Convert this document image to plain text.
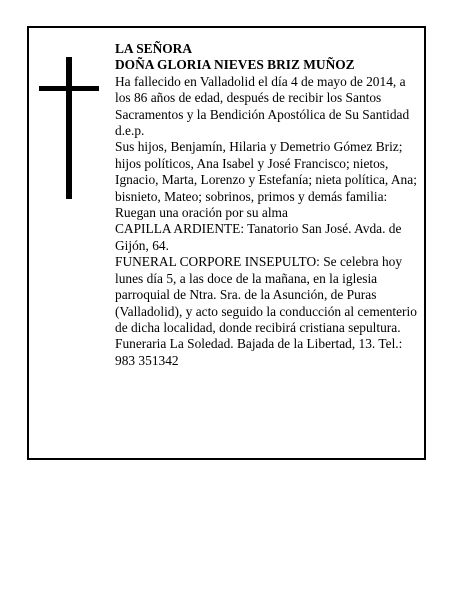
LA SEÑORA

DOÑA GLORIA NIEVES BRIZ MUÑOZ

Ha fallecido en Valladolid el día 4 de mayo de 2014, a los 86 años de edad, después de recibir los Santos Sacramentos y la Bendición Apostólica de Su Santidad

d.e.p.

Sus hijos, Benjamín, Hilaria y Demetrio Gómez Briz; hijos políticos, Ana Isabel y José Francisco; nietos, Ignacio, Marta, Lorenzo y Estefanía; nieta política, Ana; bisnieto, Mateo; sobrinos, primos y demás familia:

Ruegan una oración por su alma

CAPILLA ARDIENTE: Tanatorio San José. Avda. de Gijón, 64.

FUNERAL CORPORE INSEPULTO: Se celebra hoy lunes día 5, a las doce de la mañana, en la iglesia parroquial de Ntra. Sra. de la Asunción, de Puras (Valladolid), y acto seguido la conducción al cementerio de dicha localidad, donde recibirá cristiana sepultura.

Funeraria La Soledad. Bajada de la Libertad, 13. Tel.: 983 351342
